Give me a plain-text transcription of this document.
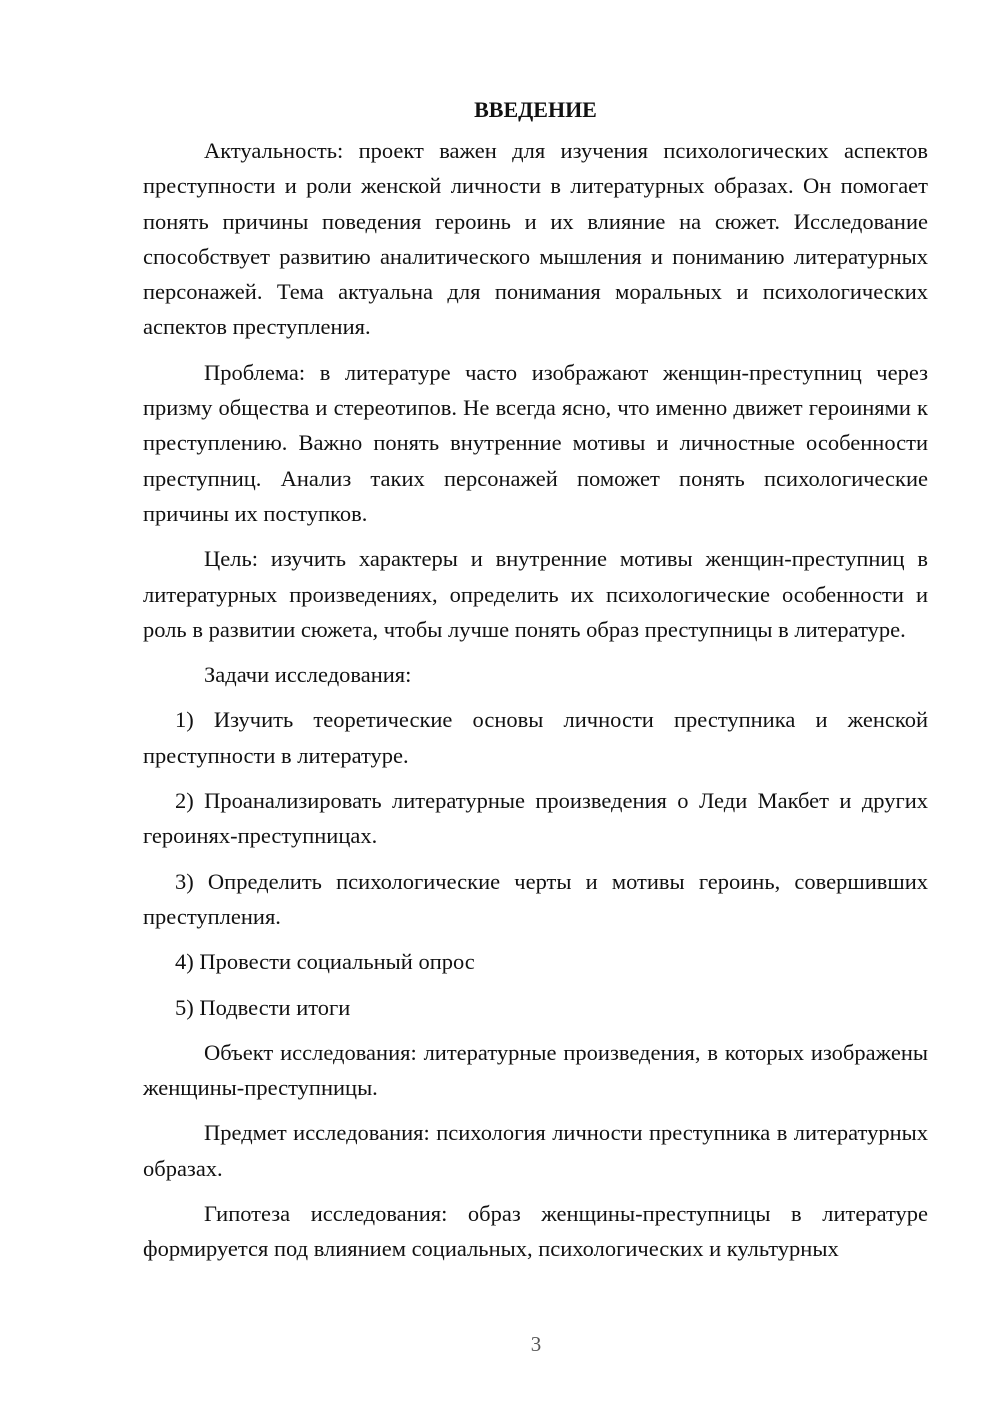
ВВЕДЕНИЕ

Актуальность: проект важен для изучения психологических аспектов преступности и роли женской личности в литературных образах. Он помогает понять причины поведения героинь и их влияние на сюжет. Исследование способствует развитию аналитического мышления и пониманию литературных персонажей. Тема актуальна для понимания моральных и психологических аспектов преступления.

Проблема: в литературе часто изображают женщин-преступниц через призму общества и стереотипов. Не всегда ясно, что именно движет героинями к преступлению. Важно понять внутренние мотивы и личностные особенности преступниц. Анализ таких персонажей поможет понять психологические причины их поступков.

Цель: изучить характеры и внутренние мотивы женщин-преступниц в литературных произведениях, определить их психологические особенности и роль в развитии сюжета, чтобы лучше понять образ преступницы в литературе.

Задачи исследования:

1) Изучить теоретические основы личности преступника и женской преступности в литературе.

2) Проанализировать литературные произведения о Леди Макбет и других героинях-преступницах.

3) Определить психологические черты и мотивы героинь, совершивших преступления.

4) Провести социальный опрос

5) Подвести итоги

Объект исследования: литературные произведения, в которых изображены женщины-преступницы.

Предмет исследования: психология личности преступника в литературных образах.

Гипотеза исследования: образ женщины-преступницы в литературе формируется под влиянием социальных, психологических и культурных

3
